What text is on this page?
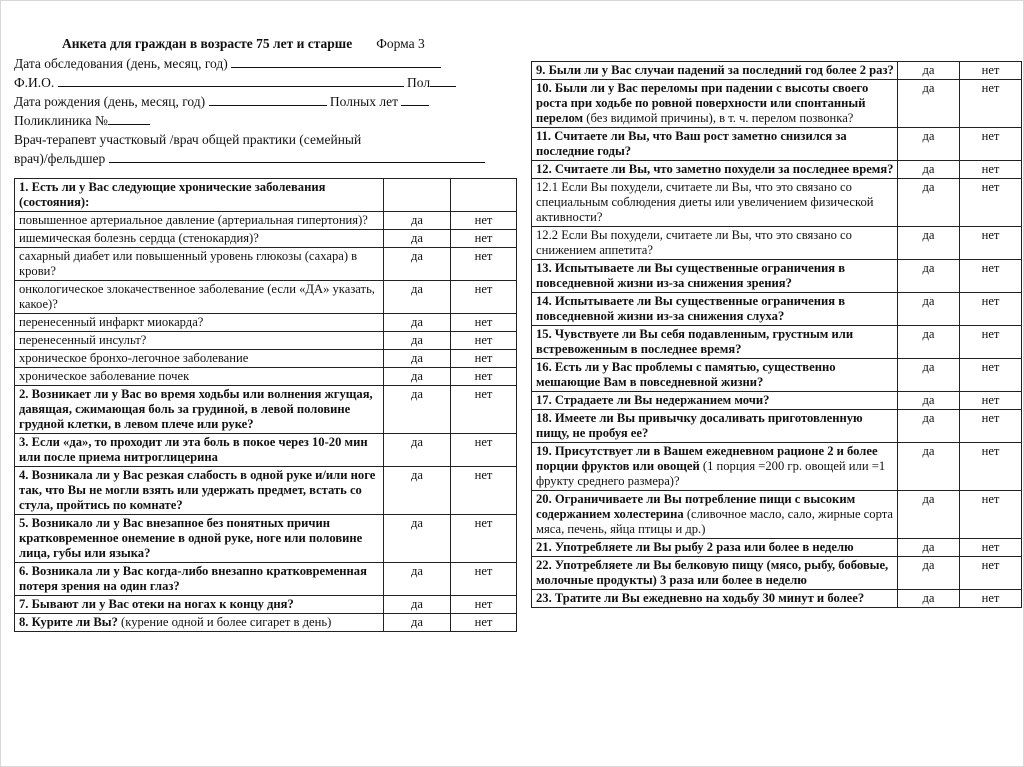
Анкета для граждан в возрасте 75 лет и старше Форма 3
Дата обследования (день, месяц, год)
Ф.И.О.	Пол
Дата рождения (день, месяц, год)	Полных лет
Поликлиника №
Врач-терапевт участковый /врач общей практики (семейный
врач)/фельдшер
1. Есть ли у Вас следующие хронические заболевания (состояния):		
повышенное артериальное давление (артериальная гипертония)?	да	нет
ишемическая болезнь сердца (стенокардия)?	да	нет
сахарный диабет или повышенный уровень глюкозы (сахара) в крови?	да	нет
онкологическое злокачественное заболевание (если «ДА» указать, какое)?	да	нет
перенесенный инфаркт миокарда?	да	нет
перенесенный инсульт?	да	нет
хроническое бронхо-легочное заболевание	да	нет
хроническое заболевание почек	да	нет
2. Возникает ли у Вас во время ходьбы или волнения жгущая, давящая, сжимающая боль за грудиной, в левой половине грудной клетки, в левом плече или руке?	да	нет
3. Если «да», то проходит ли эта боль в покое через 10-20 мин или после приема нитроглицерина	да	нет
4. Возникала ли у Вас резкая слабость в одной руке и/или ноге так, что Вы не могли взять или удержать предмет, встать со стула, пройтись по комнате?	да	нет
5. Возникало ли у Вас внезапное без понятных причин кратковременное онемение в одной руке, ноге или половине лица, губы или языка?	да	нет
6. Возникала ли у Вас когда-либо внезапно кратковременная потеря зрения на один глаз?	да	нет
7. Бывают ли у Вас отеки на ногах к концу дня?	да	нет
8. Курите ли Вы? (курение одной и более сигарет в день)	да	нет
9. Были ли у Вас случаи падений за последний год более 2 раз?	да	нет
10. Были ли у Вас переломы при падении с высоты своего роста при ходьбе по ровной поверхности или спонтанный перелом (без видимой причины), в т. ч. перелом позвонка?	да	нет
11. Считаете ли Вы, что Ваш рост заметно снизился за последние годы?	да	нет
12. Считаете ли Вы, что заметно похудели за последнее время?	да	нет
12.1 Если Вы похудели, считаете ли Вы, что это связано со специальным соблюдения диеты или увеличением физической активности?	да	нет
12.2 Если Вы похудели, считаете ли Вы, что это связано со снижением аппетита?	да	нет
13. Испытываете ли Вы существенные ограничения в повседневной жизни из-за снижения зрения?	да	нет
14. Испытываете ли Вы существенные ограничения в повседневной жизни из-за снижения слуха?	да	нет
15. Чувствуете ли Вы себя подавленным, грустным или встревоженным в последнее время?	да	нет
16. Есть ли у Вас проблемы с памятью, существенно мешающие Вам в повседневной жизни?	да	нет
17. Страдаете ли Вы недержанием мочи?	да	нет
18. Имеете ли Вы привычку досаливать приготовленную пищу, не пробуя ее?	да	нет
19. Присутствует ли в Вашем ежедневном рационе 2 и более порции фруктов или овощей (1 порция =200 гр. овощей или =1 фрукту среднего размера)?	да	нет
20. Ограничиваете ли Вы потребление пищи с высоким содержанием холестерина (сливочное масло, сало, жирные сорта мяса, печень, яйца птицы и др.)	да	нет
21. Употребляете ли Вы рыбу 2 раза или более в неделю	да	нет
22. Употребляете ли Вы белковую пищу (мясо, рыбу, бобовые, молочные продукты) 3 раза или более в неделю	да	нет
23. Тратите ли Вы ежедневно на ходьбу 30 минут и более?	да	нет
